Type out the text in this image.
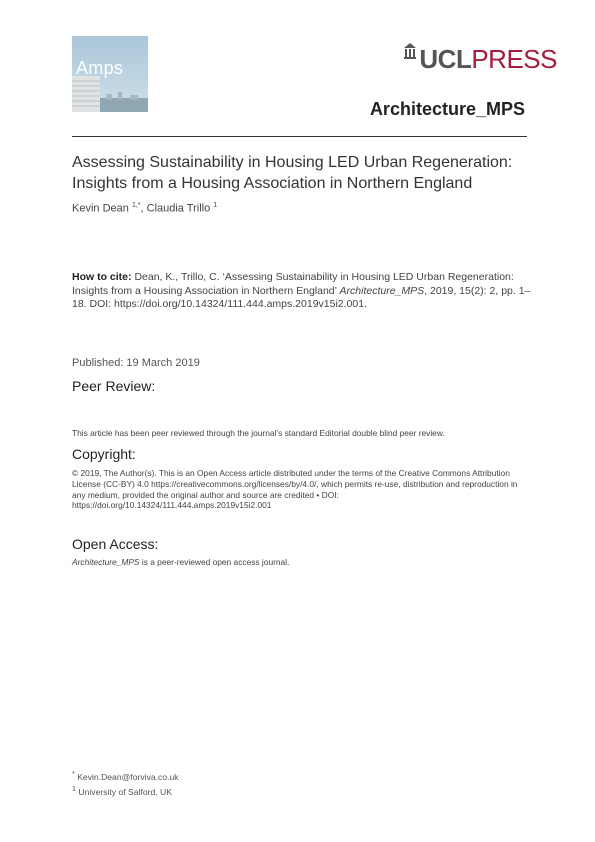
Amps	UCL PRESS
Architecture_MPS
Assessing Sustainability in Housing LED Urban Regeneration: Insights from a Housing Association in Northern England
Kevin Dean $^{1,*}$, Claudia Trillo $^1$
How to cite: Dean, K., Trillo, C. ‘Assessing Sustainability in Housing LED Urban Regeneration: Insights from a Housing Association in Northern England’ Architecture_MPS, 2019, 15(2): 2, pp. 1–18. DOI: https://doi.org/10.14324/111.444.amps.2019v15i2.001.
Published: 19 March 2019
Peer Review:
This article has been peer reviewed through the journal’s standard Editorial double blind peer review.
Copyright:
© 2019, The Author(s). This is an Open Access article distributed under the terms of the Creative Commons Attribution License (CC-BY) 4.0 https://creativecommons.org/licenses/by/4.0/, which permits re-use, distribution and reproduction in any medium, provided the original author and source are credited • DOI: https://doi.org/10.14324/111.444.amps.2019v15i2.001
Open Access:
Architecture_MPS is a peer-reviewed open access journal.
* Kevin.Dean@forviva.co.uk
$^1$ University of Salford, UK
